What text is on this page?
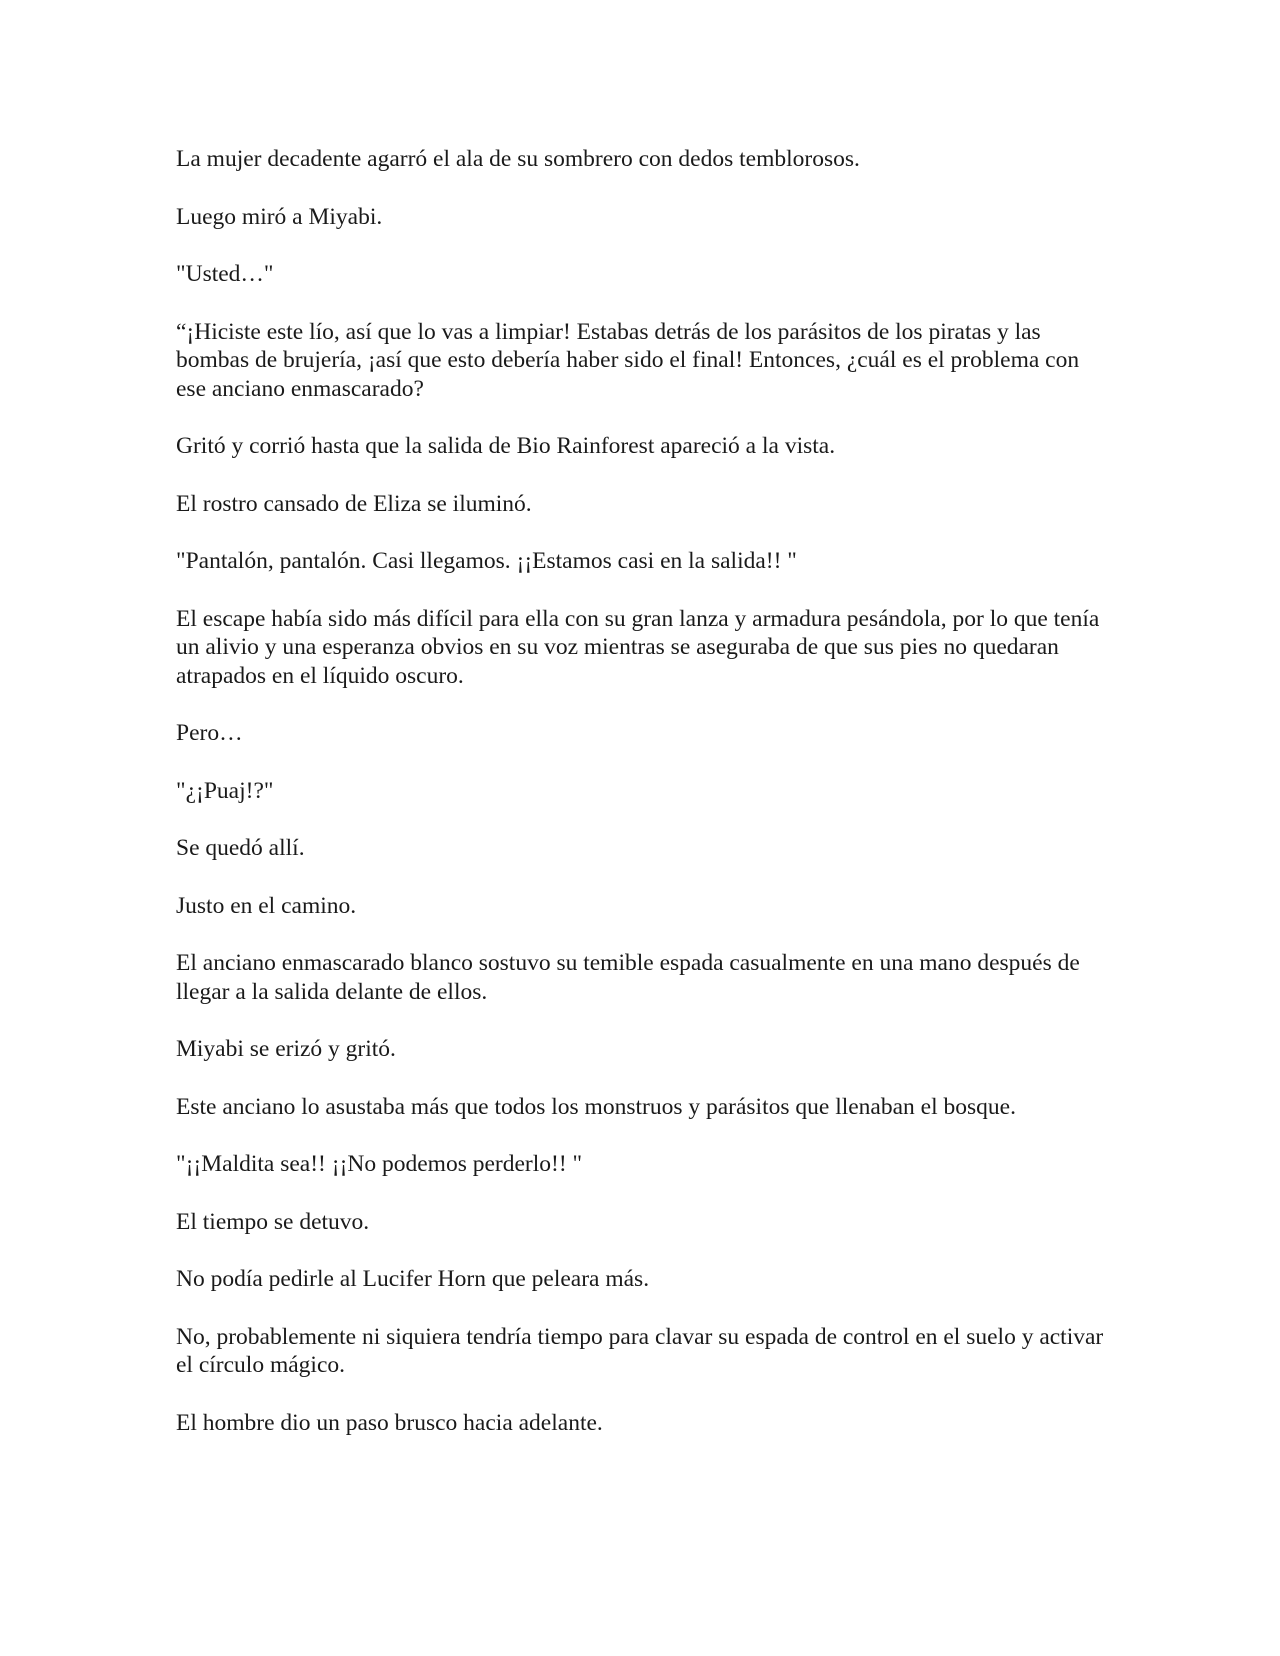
La mujer decadente agarró el ala de su sombrero con dedos temblorosos.

Luego miró a Miyabi.

"Usted…"

“¡Hiciste este lío, así que lo vas a limpiar! Estabas detrás de los parásitos de los piratas y las bombas de brujería, ¡así que esto debería haber sido el final! Entonces, ¿cuál es el problema con ese anciano enmascarado?

Gritó y corrió hasta que la salida de Bio Rainforest apareció a la vista.

El rostro cansado de Eliza se iluminó.

"Pantalón, pantalón. Casi llegamos. ¡¡Estamos casi en la salida!! "

El escape había sido más difícil para ella con su gran lanza y armadura pesándola, por lo que tenía un alivio y una esperanza obvios en su voz mientras se aseguraba de que sus pies no quedaran atrapados en el líquido oscuro.

Pero…

"¿¡Puaj!?"

Se quedó allí.

Justo en el camino.

El anciano enmascarado blanco sostuvo su temible espada casualmente en una mano después de llegar a la salida delante de ellos.

Miyabi se erizó y gritó.

Este anciano lo asustaba más que todos los monstruos y parásitos que llenaban el bosque.

"¡¡Maldita sea!! ¡¡No podemos perderlo!! "

El tiempo se detuvo.

No podía pedirle al Lucifer Horn que peleara más.

No, probablemente ni siquiera tendría tiempo para clavar su espada de control en el suelo y activar el círculo mágico.

El hombre dio un paso brusco hacia adelante.
